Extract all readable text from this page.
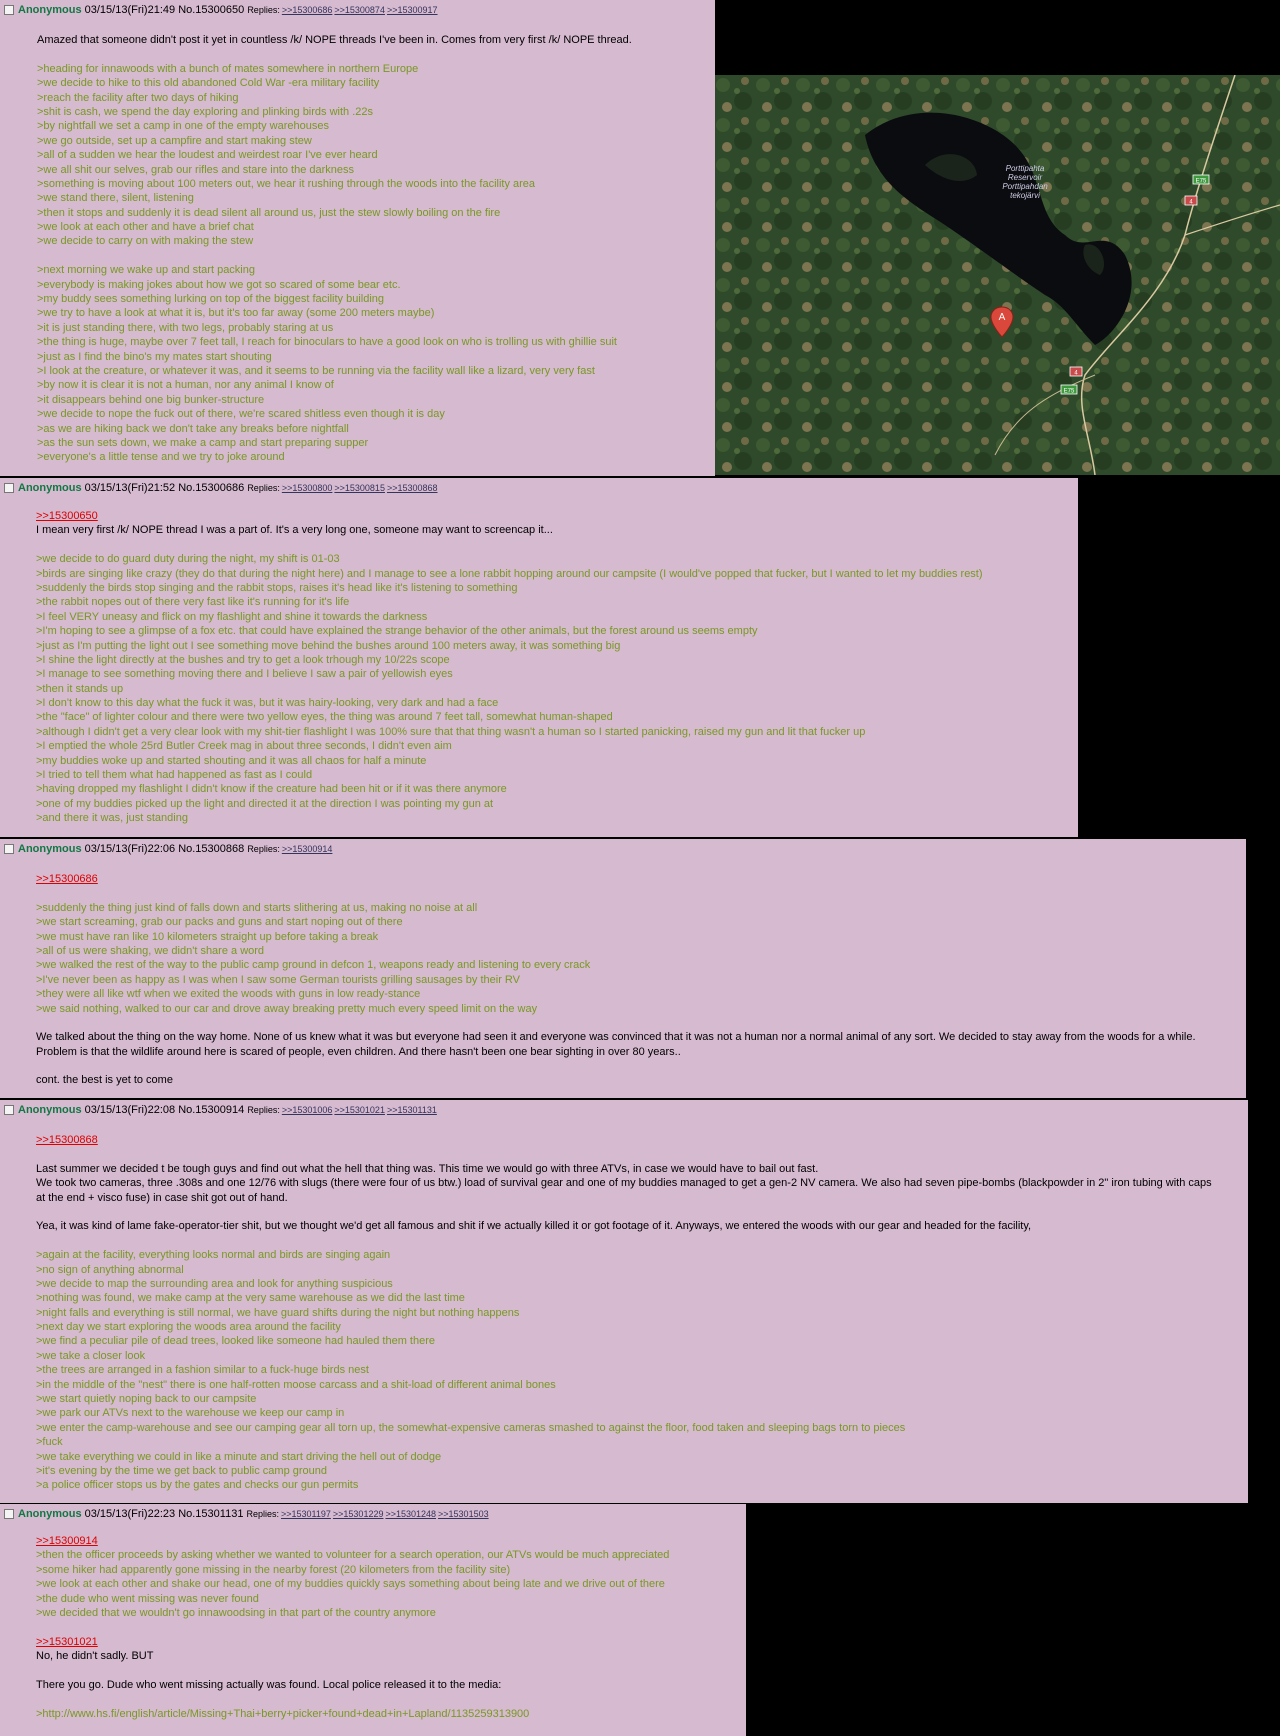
Anonymous 03/15/13(Fri)21:49 No.15300650 Replies: >>15300686 >>15300874 >>15300917
Amazed that someone didn't post it yet in countless /k/ NOPE threads I've been in. Comes from very first /k/ NOPE thread.
>heading for innawoods with a bunch of mates somewhere in northern Europe
>we decide to hike to this old abandoned Cold War -era military facility
>reach the facility after two days of hiking
>shit is cash, we spend the day exploring and plinking birds with .22s
>by nightfall we set a camp in one of the empty warehouses
>we go outside, set up a campfire and start making stew
>all of a sudden we hear the loudest and weirdest roar I've ever heard
>we all shit our selves, grab our rifles and stare into the darkness
>something is moving about 100 meters out, we hear it rushing through the woods into the facility area
>we stand there, silent, listening
>then it stops and suddenly it is dead silent all around us, just the stew slowly boiling on the fire
>we look at each other and have a brief chat
>we decide to carry on with making the stew
>next morning we wake up and start packing
>everybody is making jokes about how we got so scared of some bear etc.
>my buddy sees something lurking on top of the biggest facility building
>we try to have a look at what it is, but it's too far away (some 200 meters maybe)
>it is just standing there, with two legs, probably staring at us
>the thing is huge, maybe over 7 feet tall, I reach for binoculars to have a good look on who is trolling us with ghillie suit
>just as I find the bino's my mates start shouting
>I look at the creature, or whatever it was, and it seems to be running via the facility wall like a lizard, very very fast
>by now it is clear it is not a human, nor any animal I know of
>it disappears behind one big bunker-structure
>we decide to nope the fuck out of there, we're scared shitless even though it is day
>as we are hiking back we don't take any breaks before nightfall
>as the sun sets down, we make a camp and start preparing supper
>everyone's a little tense and we try to joke around
E75
4
4
E75
Porttipahta
Reservoir
Porttipahdan
tekojärvi
A
Anonymous 03/15/13(Fri)21:52 No.15300686 Replies: >>15300800 >>15300815 >>15300868
>>15300650
I mean very first /k/ NOPE thread I was a part of. It's a very long one, someone may want to screencap it...
>we decide to do guard duty during the night, my shift is 01-03
>birds are singing like crazy (they do that during the night here) and I manage to see a lone rabbit hopping around our campsite (I would've popped that fucker, but I wanted to let my buddies rest)
>suddenly the birds stop singing and the rabbit stops, raises it's head like it's listening to something
>the rabbit nopes out of there very fast like it's running for it's life
>I feel VERY uneasy and flick on my flashlight and shine it towards the darkness
>I'm hoping to see a glimpse of a fox etc. that could have explained the strange behavior of the other animals, but the forest around us seems empty
>just as I'm putting the light out I see something move behind the bushes around 100 meters away, it was something big
>I shine the light directly at the bushes and try to get a look trhough my 10/22s scope
>I manage to see something moving there and I believe I saw a pair of yellowish eyes
>then it stands up
>I don't know to this day what the fuck it was, but it was hairy-looking, very dark and had a face
>the "face" of lighter colour and there were two yellow eyes, the thing was around 7 feet tall, somewhat human-shaped
>although I didn't get a very clear look with my shit-tier flashlight I was 100% sure that that thing wasn't a human so I started panicking, raised my gun and lit that fucker up
>I emptied the whole 25rd Butler Creek mag in about three seconds, I didn't even aim
>my buddies woke up and started shouting and it was all chaos for half a minute
>I tried to tell them what had happened as fast as I could
>having dropped my flashlight I didn't know if the creature had been hit or if it was there anymore
>one of my buddies picked up the light and directed it at the direction I was pointing my gun at
>and there it was, just standing
Anonymous 03/15/13(Fri)22:06 No.15300868 Replies: >>15300914
>>15300686
>suddenly the thing just kind of falls down and starts slithering at us, making no noise at all
>we start screaming, grab our packs and guns and start noping out of there
>we must have ran like 10 kilometers straight up before taking a break
>all of us were shaking, we didn't share a word
>we walked the rest of the way to the public camp ground in defcon 1, weapons ready and listening to every crack
>I've never been as happy as I was when I saw some German tourists grilling sausages by their RV
>they were all like wtf when we exited the woods with guns in low ready-stance
>we said nothing, walked to our car and drove away breaking pretty much every speed limit on the way
We talked about the thing on the way home. None of us knew what it was but everyone had seen it and everyone was convinced that it was not a human nor a normal animal of any sort. We decided to stay away from the woods for a while. Problem is that the wildlife around here is scared of people, even children. And there hasn't been one bear sighting in over 80 years..
cont. the best is yet to come
Anonymous 03/15/13(Fri)22:08 No.15300914 Replies: >>15301006 >>15301021 >>15301131
>>15300868
Last summer we decided t be tough guys and find out what the hell that thing was. This time we would go with three ATVs, in case we would have to bail out fast.
We took two cameras, three .308s and one 12/76 with slugs (there were four of us btw.) load of survival gear and one of my buddies managed to get a gen-2 NV camera. We also had seven pipe-bombs (blackpowder in 2" iron tubing with caps at the end + visco fuse) in case shit got out of hand.
Yea, it was kind of lame fake-operator-tier shit, but we thought we'd get all famous and shit if we actually killed it or got footage of it. Anyways, we entered the woods with our gear and headed for the facility,
>again at the facility, everything looks normal and birds are singing again
>no sign of anything abnormal
>we decide to map the surrounding area and look for anything suspicious
>nothing was found, we make camp at the very same warehouse as we did the last time
>night falls and everything is still normal, we have guard shifts during the night but nothing happens
>next day we start exploring the woods area around the facility
>we find a peculiar pile of dead trees, looked like someone had hauled them there
>we take a closer look
>the trees are arranged in a fashion similar to a fuck-huge birds nest
>in the middle of the "nest" there is one half-rotten moose carcass and a shit-load of different animal bones
>we start quietly noping back to our campsite
>we park our ATVs next to the warehouse we keep our camp in
>we enter the camp-warehouse and see our camping gear all torn up, the somewhat-expensive cameras smashed to against the floor, food taken and sleeping bags torn to pieces
>fuck
>we take everything we could in like a minute and start driving the hell out of dodge
>it's evening by the time we get back to public camp ground
>a police officer stops us by the gates and checks our gun permits
Anonymous 03/15/13(Fri)22:23 No.15301131 Replies: >>15301197 >>15301229 >>15301248 >>15301503
>>15300914
>then the officer proceeds by asking whether we wanted to volunteer for a search operation, our ATVs would be much appreciated
>some hiker had apparently gone missing in the nearby forest (20 kilometers from the facility site)
>we look at each other and shake our head, one of my buddies quickly says something about being late and we drive out of there
>the dude who went missing was never found
>we decided that we wouldn't go innawoodsing in that part of the country anymore
>>15301021
No, he didn't sadly. BUT
There you go. Dude who went missing actually was found. Local police released it to the media:
>http://www.hs.fi/english/article/Missing+Thai+berry+picker+found+dead+in+Lapland/1135259313900
